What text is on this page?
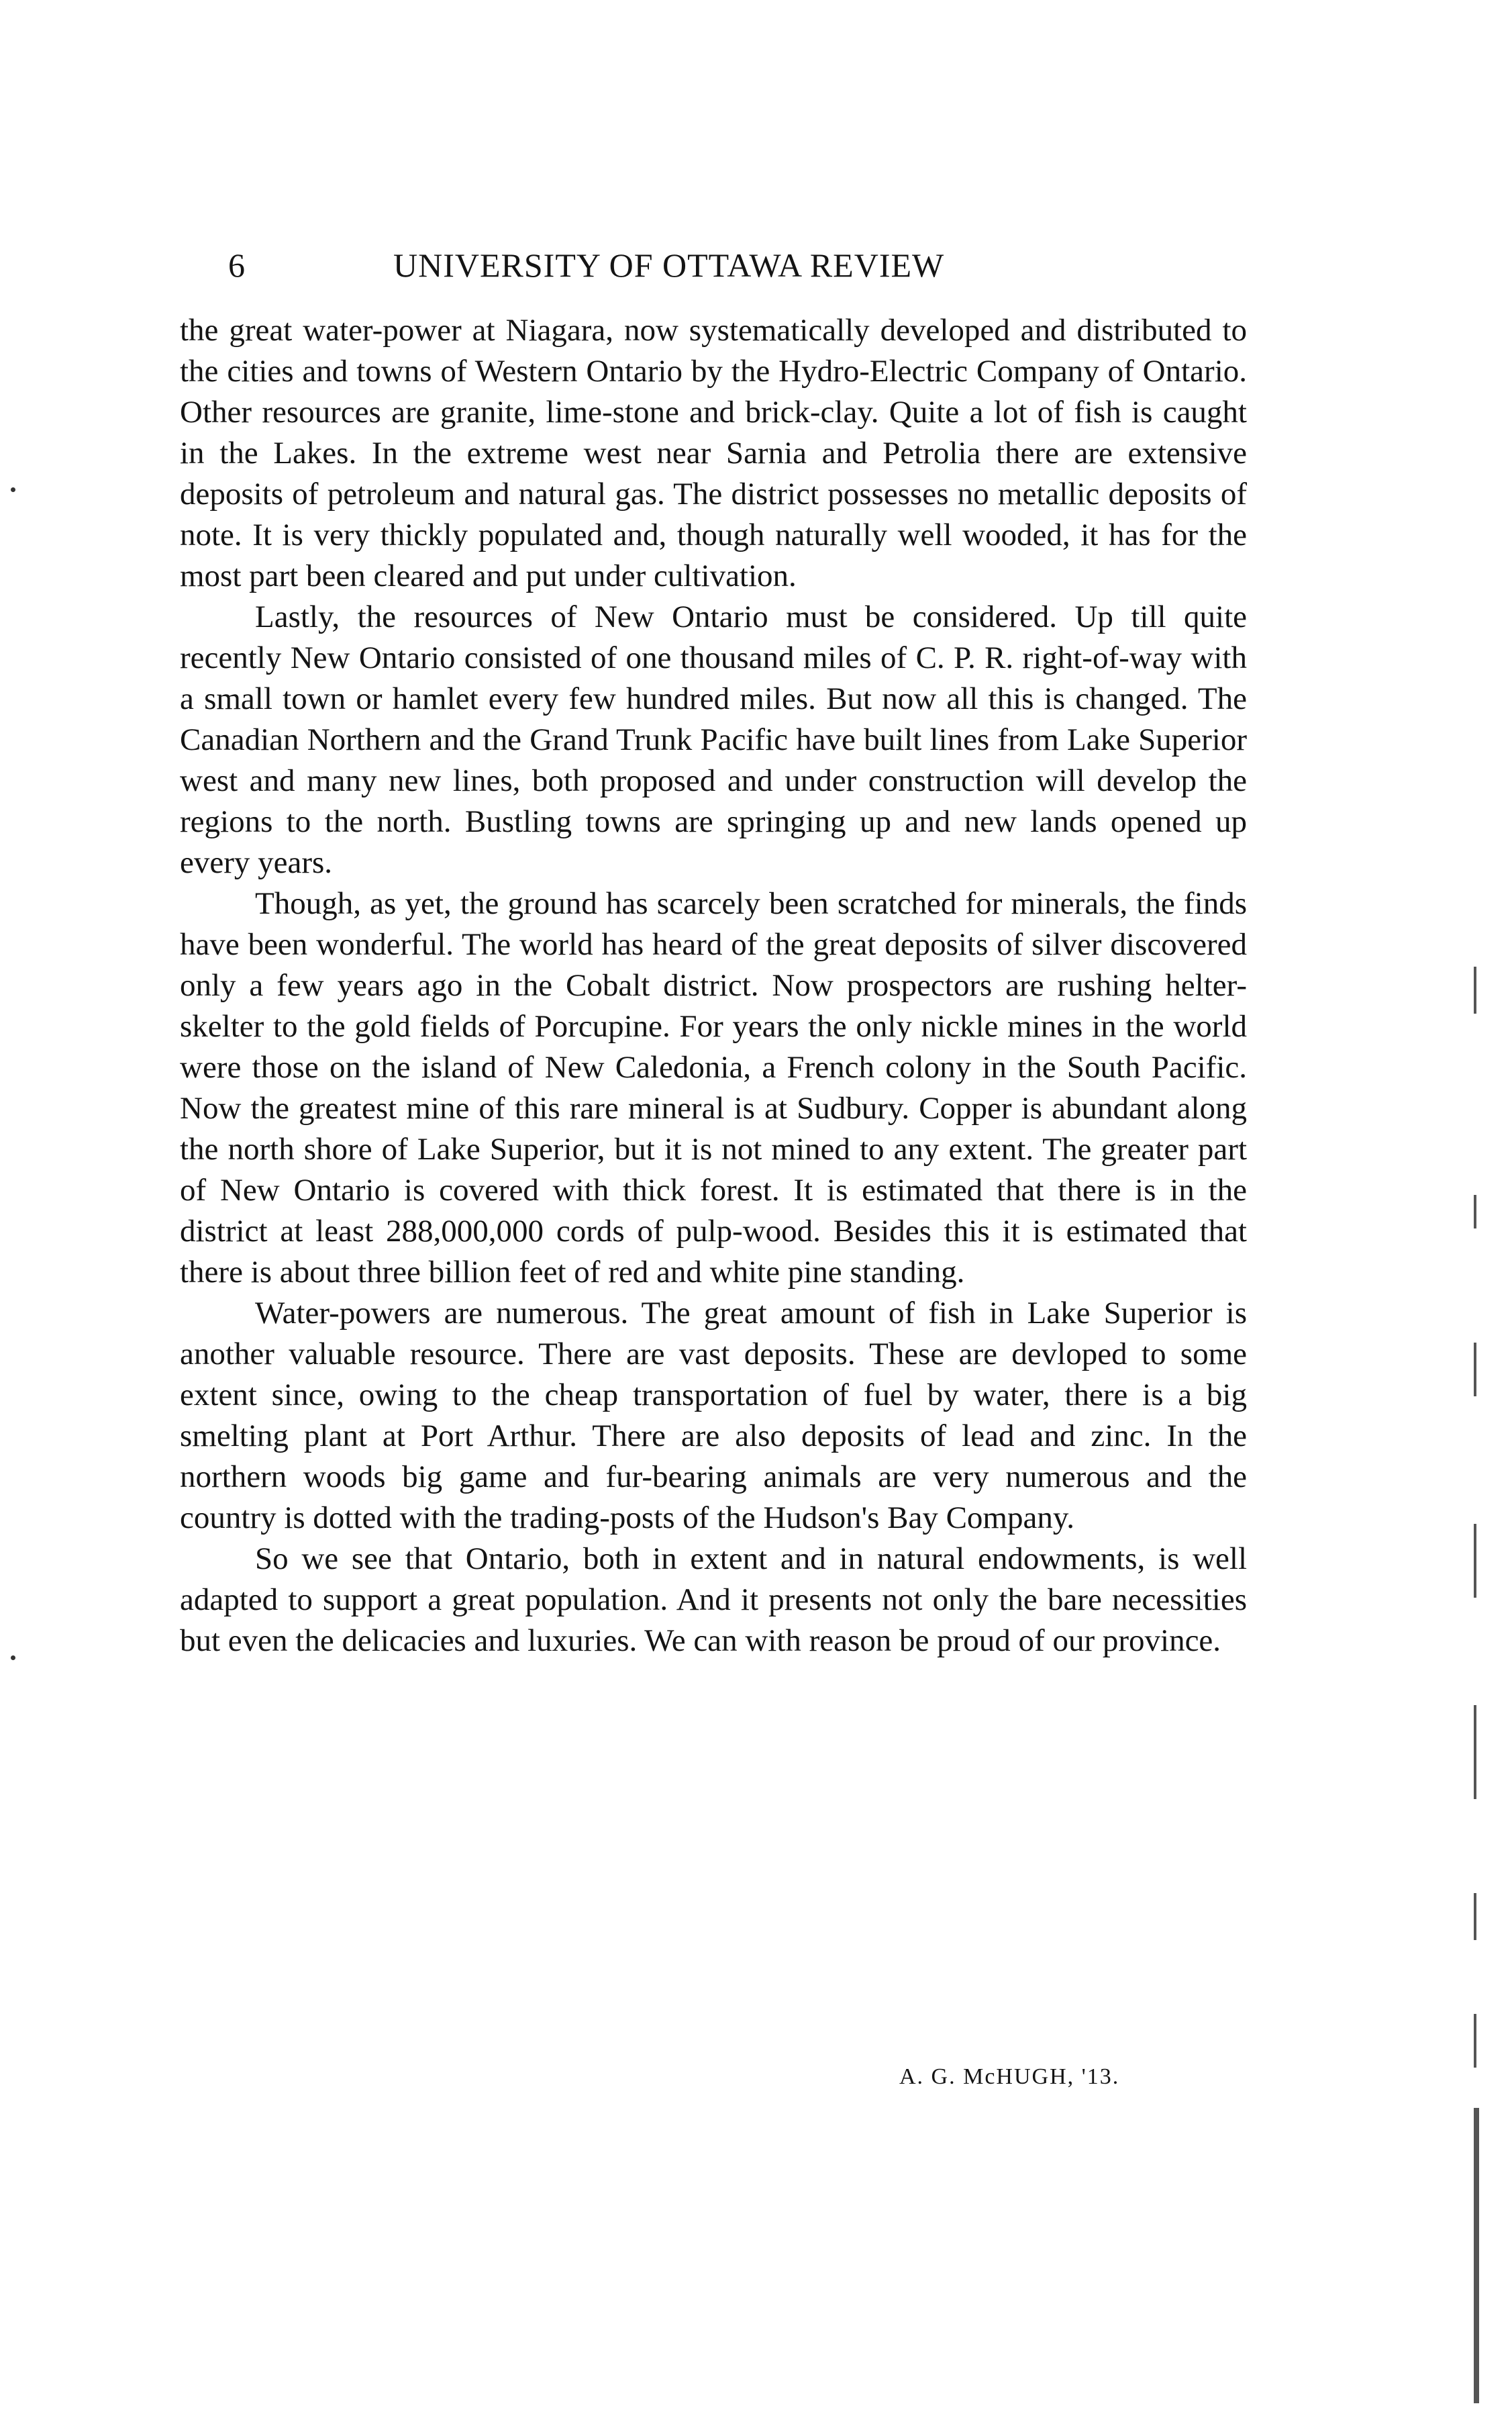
6	UNIVERSITY OF OTTAWA REVIEW

the great water-power at Niagara, now systematically developed and distributed to the cities and towns of Western Ontario by the Hydro-Electric Company of Ontario. Other resources are granite, lime-stone and brick-clay. Quite a lot of fish is caught in the Lakes. In the extreme west near Sarnia and Petrolia there are extensive deposits of petroleum and natural gas. The district possesses no metallic deposits of note. It is very thickly populated and, though naturally well wooded, it has for the most part been cleared and put under cultivation.

Lastly, the resources of New Ontario must be considered. Up till quite recently New Ontario consisted of one thousand miles of C. P. R. right-of-way with a small town or hamlet every few hundred miles. But now all this is changed. The Canadian Northern and the Grand Trunk Pacific have built lines from Lake Superior west and many new lines, both proposed and under construction will develop the regions to the north. Bustling towns are springing up and new lands opened up every years.

Though, as yet, the ground has scarcely been scratched for minerals, the finds have been wonderful. The world has heard of the great deposits of silver discovered only a few years ago in the Cobalt district. Now prospectors are rushing helter-skelter to the gold fields of Porcupine. For years the only nickle mines in the world were those on the island of New Caledonia, a French colony in the South Pacific. Now the greatest mine of this rare mineral is at Sudbury. Copper is abundant along the north shore of Lake Superior, but it is not mined to any extent. The greater part of New Ontario is covered with thick forest. It is estimated that there is in the district at least 288,000,000 cords of pulp-wood. Besides this it is estimated that there is about three billion feet of red and white pine standing.

Water-powers are numerous. The great amount of fish in Lake Superior is another valuable resource. There are vast deposits. These are devloped to some extent since, owing to the cheap transportation of fuel by water, there is a big smelting plant at Port Arthur. There are also deposits of lead and zinc. In the northern woods big game and fur-bearing animals are very numerous and the country is dotted with the trading-posts of the Hudson's Bay Company.

So we see that Ontario, both in extent and in natural endowments, is well adapted to support a great population. And it presents not only the bare necessities but even the delicacies and luxuries. We can with reason be proud of our province.

A. G. McHUGH, '13.
